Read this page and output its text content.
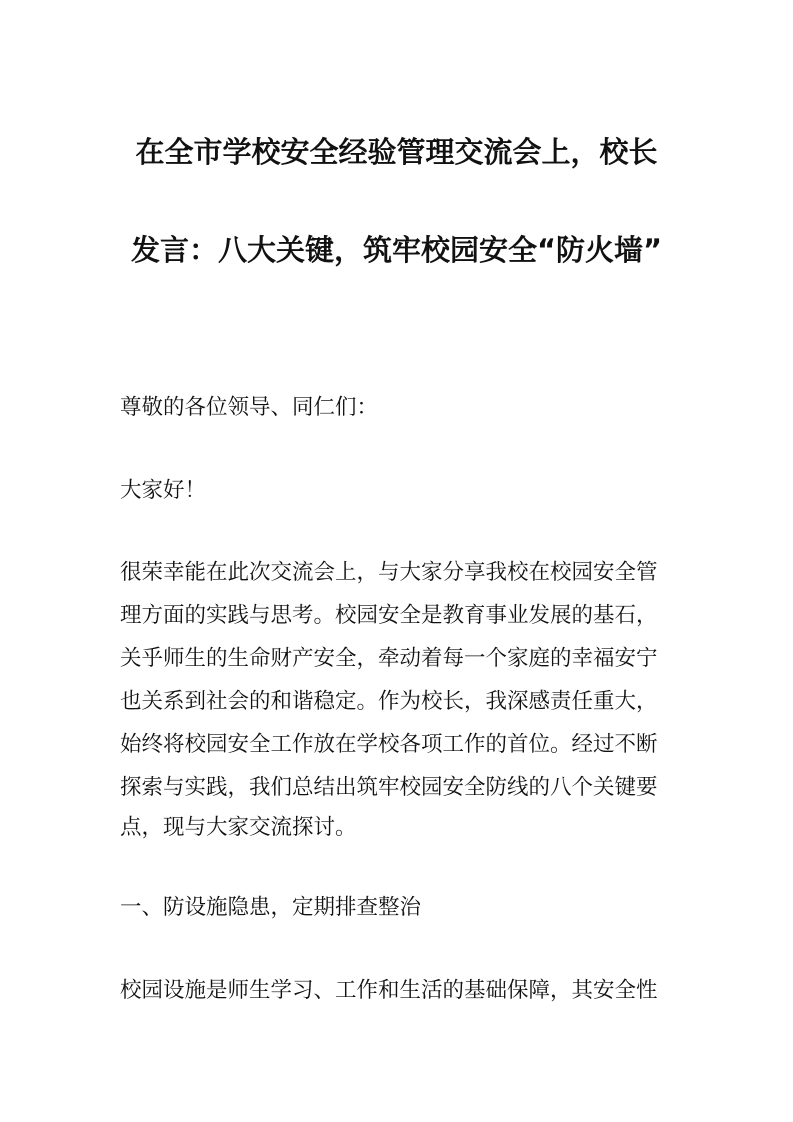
在全市学校安全经验管理交流会上，校长
发言：八大关键，筑牢校园安全“防火墙”
尊敬的各位领导、同仁们：
大家好！
很荣幸能在此次交流会上，与大家分享我校在校园安全管
理方面的实践与思考。校园安全是教育事业发展的基石，
关乎师生的生命财产安全，牵动着每一个家庭的幸福安宁
也关系到社会的和谐稳定。作为校长，我深感责任重大，
始终将校园安全工作放在学校各项工作的首位。经过不断
探索与实践，我们总结出筑牢校园安全防线的八个关键要
点，现与大家交流探讨。
一、防设施隐患，定期排查整治
校园设施是师生学习、工作和生活的基础保障，其安全性
